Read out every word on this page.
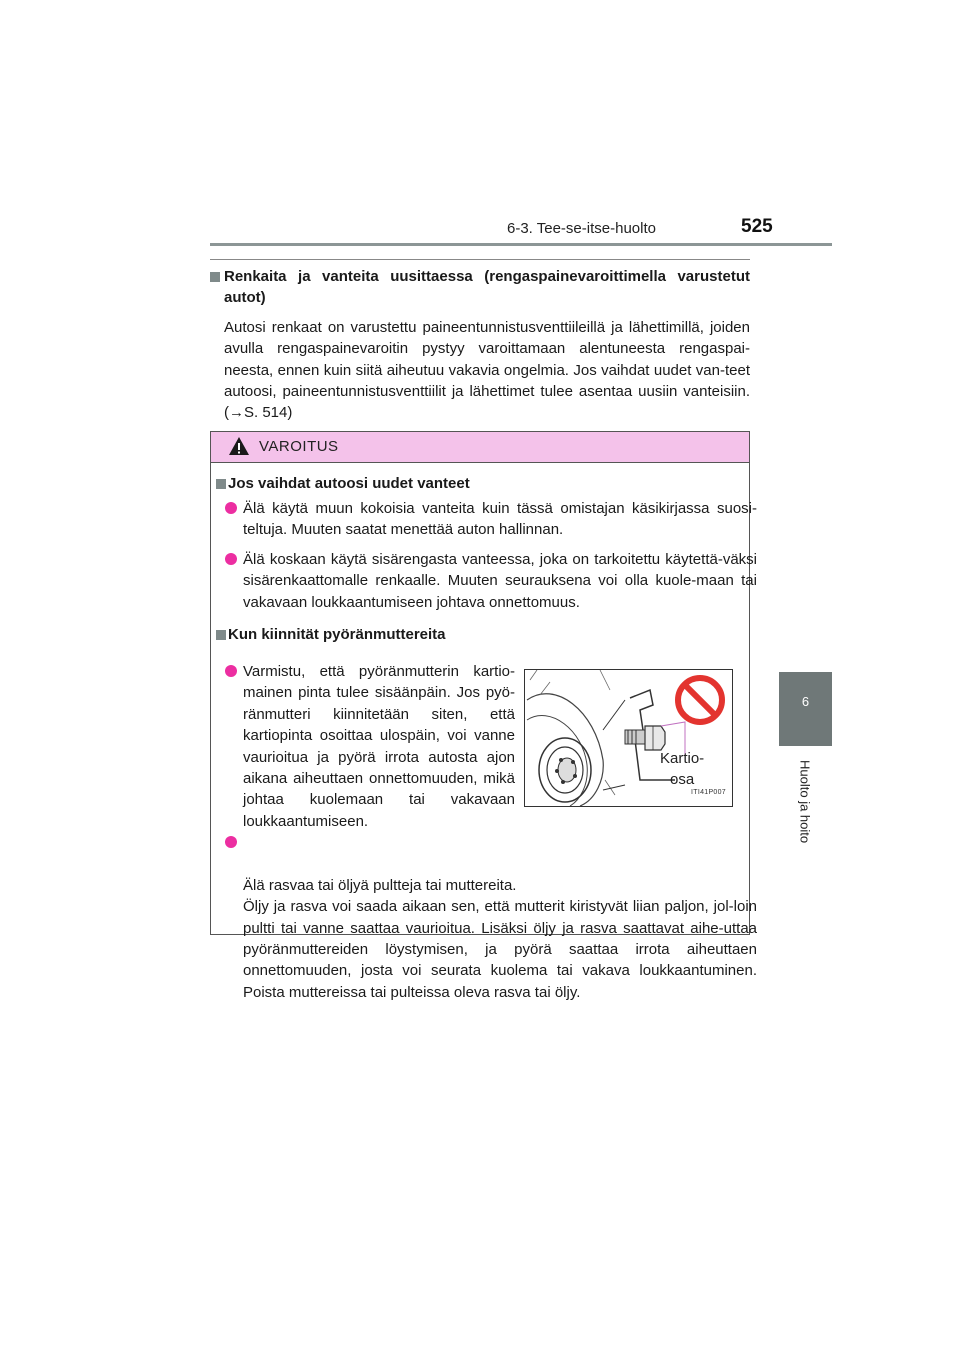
6-3. Tee-se-itse-huolto	525
6
Huolto ja hoito
Renkaita ja vanteita uusittaessa (rengaspainevaroittimella varustetut autot)
Autosi renkaat on varustettu paineentunnistusventtiileillä ja lähettimillä, joiden avulla rengaspainevaroitin pystyy varoittamaan alentuneesta rengaspai-neesta, ennen kuin siitä aiheutuu vakavia ongelmia. Jos vaihdat uudet van-teet autoosi, paineentunnistusventtiilit ja lähettimet tulee asentaa uusiin vanteisiin. (→S. 514)
VAROITUS
Jos vaihdat autoosi uudet vanteet
Älä käytä muun kokoisia vanteita kuin tässä omistajan käsikirjassa suosi-teltuja. Muuten saatat menettää auton hallinnan.
Älä koskaan käytä sisärengasta vanteessa, joka on tarkoitettu käytettä-väksi sisärenkaattomalle renkaalle. Muuten seurauksena voi olla kuole-maan tai vakavaan loukkaantumiseen johtava onnettomuus.
Kun kiinnität pyöränmuttereita
Varmistu, että pyöränmutterin kartio-mainen pinta tulee sisäänpäin. Jos pyö-ränmutteri kiinnitetään siten, että kartiopinta osoittaa ulospäin, voi vanne vaurioitua ja pyörä irrota autosta ajon aikana aiheuttaen onnettomuuden, mikä johtaa kuolemaan tai vakavaan loukkaantumiseen.
Kartio-
osa
ITI41P007

Älä rasvaa tai öljyä pultteja tai muttereita.
Öljy ja rasva voi saada aikaan sen, että mutterit kiristyvät liian paljon, jol-loin pultti tai vanne saattaa vaurioitua. Lisäksi öljy ja rasva saattavat aihe-uttaa pyöränmuttereiden löystymisen, ja pyörä saattaa irrota aiheuttaen onnettomuuden, josta voi seurata kuolema tai vakava loukkaantuminen. Poista muttereissa tai pulteissa oleva rasva tai öljy.
